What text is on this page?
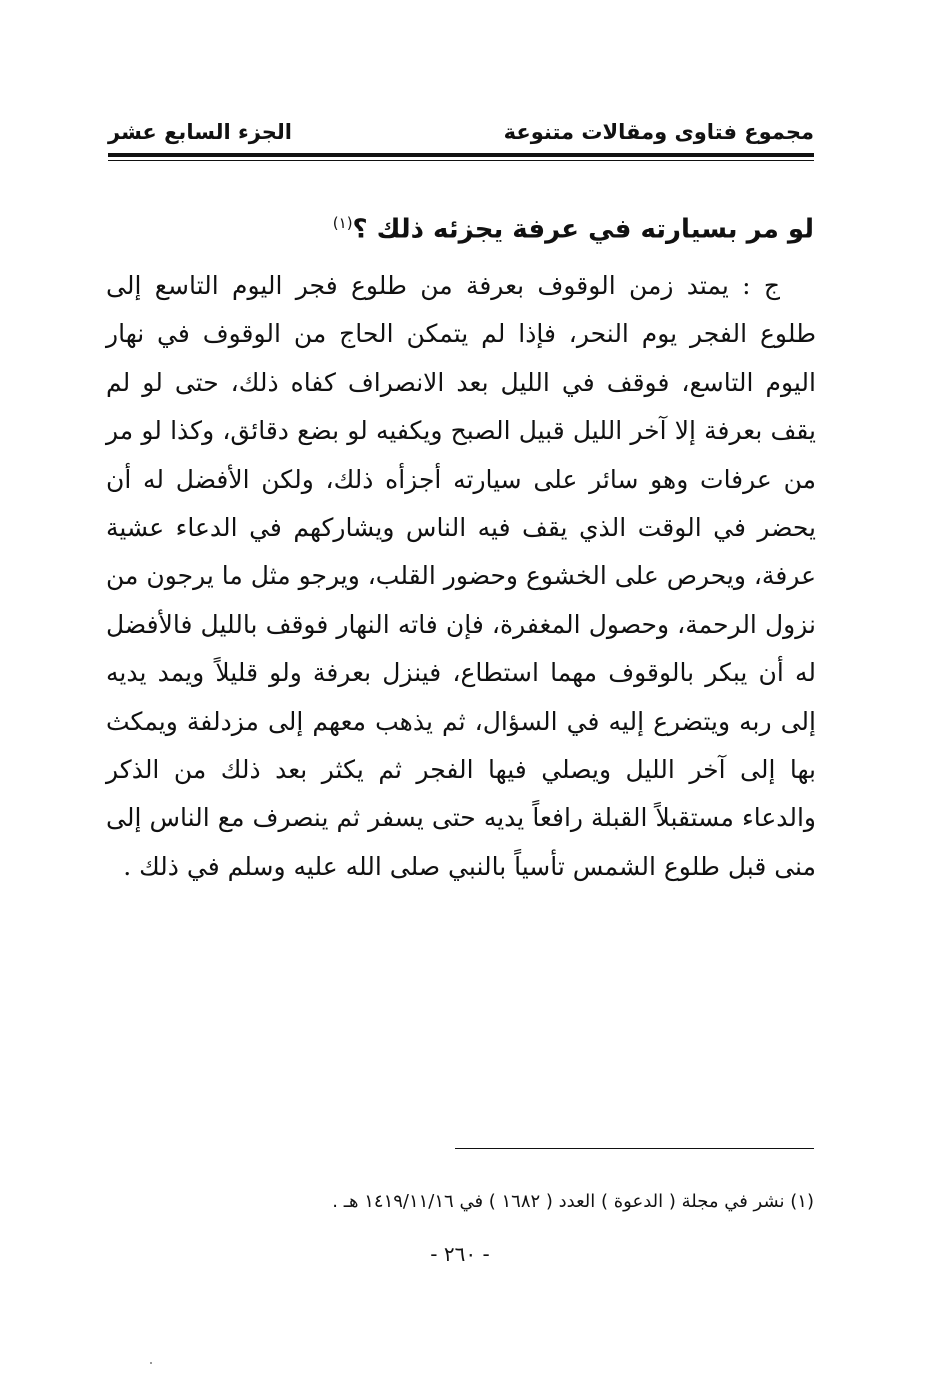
مجموع فتاوى ومقالات متنوعة
الجزء السابع عشر
لو مر بسيارته في عرفة يجزئه ذلك ؟$^{(١)}$

ج : يمتد زمن الوقوف بعرفة من طلوع فجر اليوم التاسع إلى طلوع الفجر يوم النحر، فإذا لم يتمكن الحاج من الوقوف في نهار اليوم التاسع، فوقف في الليل بعد الانصراف كفاه ذلك، حتى لو لم يقف بعرفة إلا آخر الليل قبيل الصبح ويكفيه لو بضع دقائق، وكذا لو مر من عرفات وهو سائر على سيارته أجزأه ذلك، ولكن الأفضل له أن يحضر في الوقت الذي يقف فيه الناس ويشاركهم في الدعاء عشية عرفة، ويحرص على الخشوع وحضور القلب، ويرجو مثل ما يرجون من نزول الرحمة، وحصول المغفرة، فإن فاته النهار فوقف بالليل فالأفضل له أن يبكر بالوقوف مهما استطاع، فينزل بعرفة ولو قليلاً ويمد يديه إلى ربه ويتضرع إليه في السؤال، ثم يذهب معهم إلى مزدلفة ويمكث بها إلى آخر الليل ويصلي فيها الفجر ثم يكثر بعد ذلك من الذكر والدعاء مستقبلاً القبلة رافعاً يديه حتى يسفر ثم ينصرف مع الناس إلى منى قبل طلوع الشمس تأسياً بالنبي صلى الله عليه وسلم في ذلك .

(١) نشر في مجلة ( الدعوة ) العدد ( ١٦٨٢ ) في ١٤١٩/١١/١٦ هـ .
- ٢٦٠ -
